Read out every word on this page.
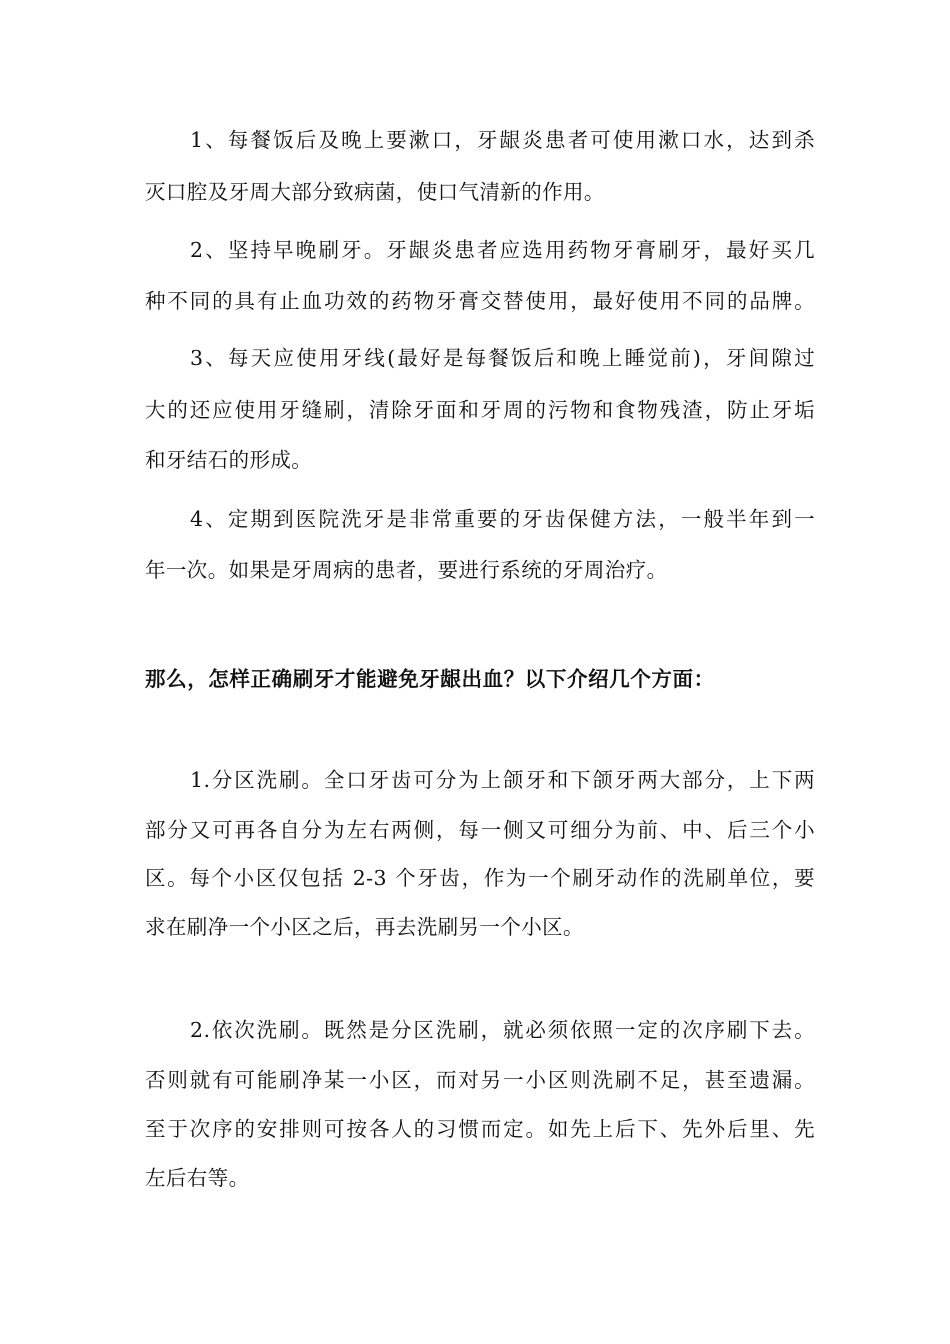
1、每餐饭后及晚上要漱口，牙龈炎患者可使用漱口水，达到杀
灭口腔及牙周大部分致病菌，使口气清新的作用。
2、坚持早晚刷牙。牙龈炎患者应选用药物牙膏刷牙，最好买几
种不同的具有止血功效的药物牙膏交替使用，最好使用不同的品牌。
3、每天应使用牙线(最好是每餐饭后和晚上睡觉前)，牙间隙过
大的还应使用牙缝刷，清除牙面和牙周的污物和食物残渣，防止牙垢
和牙结石的形成。
4、定期到医院洗牙是非常重要的牙齿保健方法，一般半年到一
年一次。如果是牙周病的患者，要进行系统的牙周治疗。
那么，怎样正确刷牙才能避免牙龈出血？以下介绍几个方面：
1.分区洗刷。全口牙齿可分为上颌牙和下颌牙两大部分，上下两
部分又可再各自分为左右两侧，每一侧又可细分为前、中、后三个小
区。每个小区仅包括 2-3 个牙齿，作为一个刷牙动作的洗刷单位，要
求在刷净一个小区之后，再去洗刷另一个小区。
2.依次洗刷。既然是分区洗刷，就必须依照一定的次序刷下去。
否则就有可能刷净某一小区，而对另一小区则洗刷不足，甚至遗漏。
至于次序的安排则可按各人的习惯而定。如先上后下、先外后里、先
左后右等。
